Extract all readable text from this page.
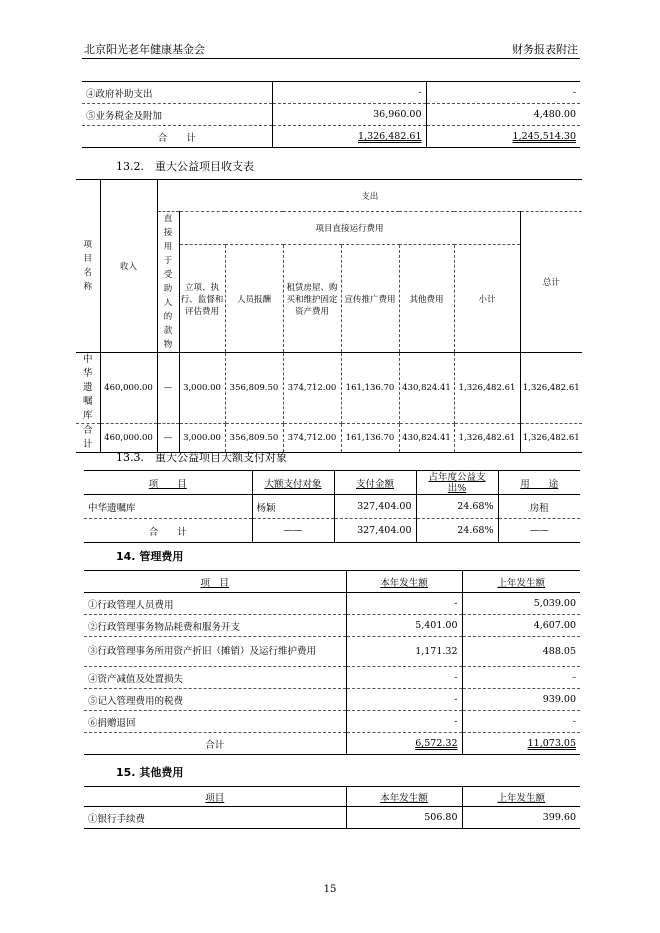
北京阳光老年健康基金会	财务报表附注
④政府补助支出	-	-
⑤业务税金及附加	36,960.00	4,480.00
合　　计	1,326,482.61	1,245,514.30
13.2.　重大公益项目收支表
项目名称	收入	支出							

		直接用于受助人的款物	项目直接运行费用						总计
			立项、执行、监督和评估费用	人员报酬	租赁房屋、购买和维护固定资产费用	宣传推广费用	其他费用	小计	

中华遗嘱库	460,000.00	—	3,000.00	356,809.50	374,712.00	161,136.70	430,824.41	1,326,482.61	1,326,482.61

合计	460,000.00	—	3,000.00	356,809.50	374,712.00	161,136.70	430,824.41	1,326,482.61	1,326,482.61
13.3.　重大公益项目大额支付对象
项　　目	大额支付对象	支付金额	占年度公益支出%	用　　途
中华遗嘱库	杨颖	327,404.00	24.68%	房租
合　　计	——	327,404.00	24.68%	——
14. 管理费用
项　目	本年发生额	上年发生额
①行政管理人员费用	-	5,039.00
②行政管理事务物品耗费和服务开支	5,401.00	4,607.00
③行政管理事务所用资产折旧（摊销）及运行维护费用	1,171.32	488.05
④资产减值及处置损失	-	-
⑤记入管理费用的税费	-	939.00
⑥捐赠退回	-	-
合计	6,572.32	11,073.05
15. 其他费用
项目	本年发生额	上年发生额
①银行手续费	506.80	399.60
15
